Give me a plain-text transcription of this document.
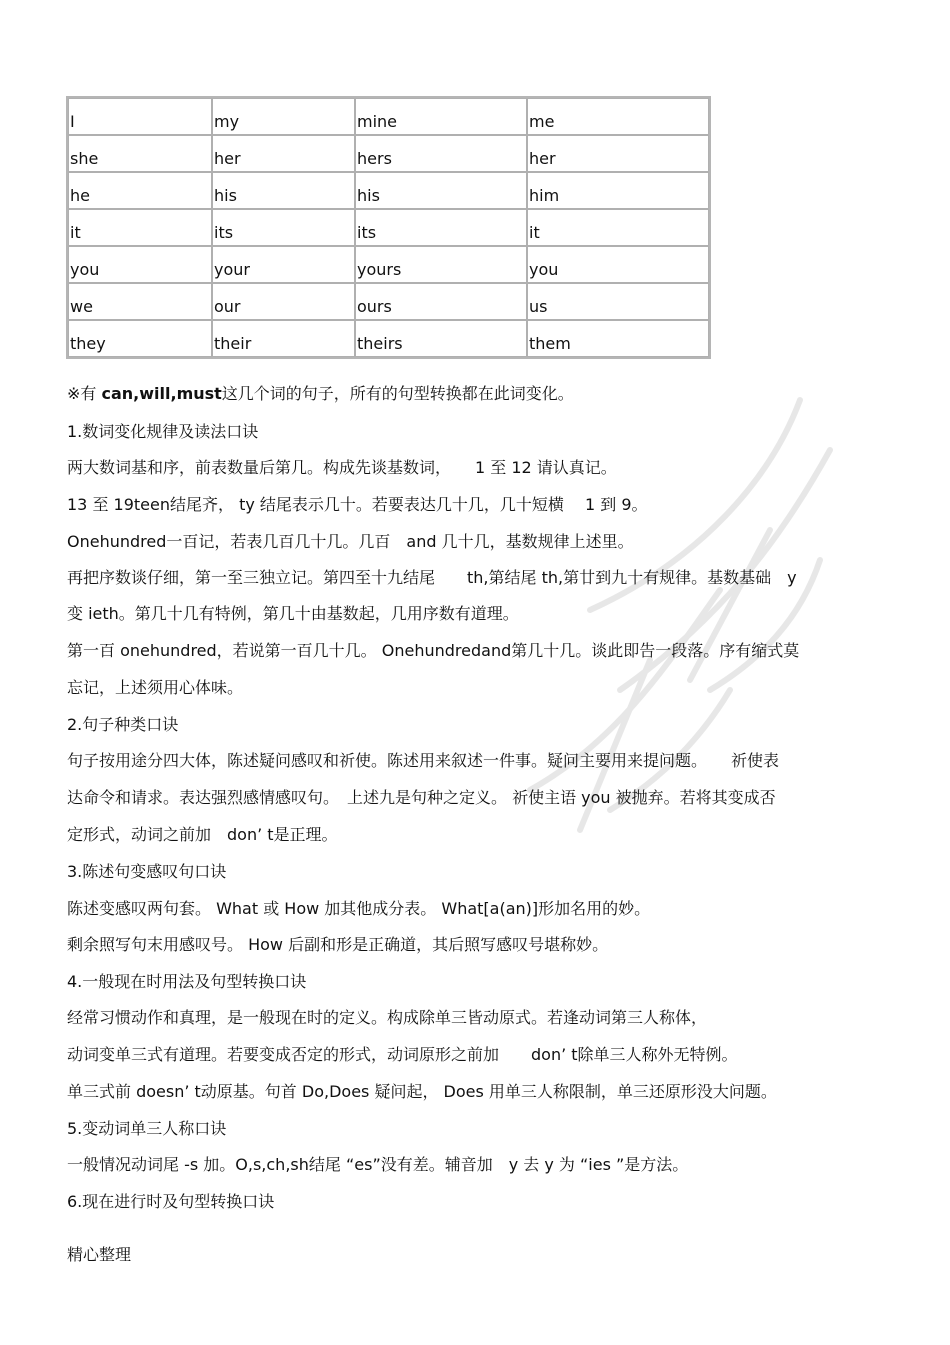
I	my	mine	me
she	her	hers	her
he	his	his	him
it	its	its	it
you	your	yours	you
we	our	ours	us
they	their	theirs	them
※有 can,will,must这几个词的句子，所有的句型转换都在此词变化。
1.数词变化规律及读法口诀
两大数词基和序，前表数量后第几。构成先谈基数词，　　1 至 12 请认真记。
13 至 19teen结尾齐， ty 结尾表示几十。若要表达几十几，几十短横　 1 到 9。
Onehundred一百记，若表几百几十几。几百　and 几十几，基数规律上述里。
再把序数谈仔细，第一至三独立记。第四至十九结尾　　th,第结尾 th,第廿到九十有规律。基数基础　y
变 ieth。第几十几有特例，第几十由基数起，几用序数有道理。
第一百 onehundred，若说第一百几十几。 Onehundredand第几十几。谈此即告一段落。序有缩式莫
忘记，上述须用心体味。
2.句子种类口诀
句子按用途分四大体，陈述疑问感叹和祈使。陈述用来叙述一件事。疑问主要用来提问题。　　祈使表
达命令和请求。表达强烈感情感叹句。　上述九是句种之定义。 祈使主语 you 被抛弃。若将其变成否
定形式，动词之前加　don’ t是正理。
3.陈述句变感叹句口诀
陈述变感叹两句套。 What 或 How 加其他成分表。 What[a(an)]形加名用的妙。
剩余照写句末用感叹号。 How 后副和形是正确道，其后照写感叹号堪称妙。
4.一般现在时用法及句型转换口诀
经常习惯动作和真理，是一般现在时的定义。构成除单三皆动原式。若逢动词第三人称体，
动词变单三式有道理。若要变成否定的形式，动词原形之前加　　don’ t除单三人称外无特例。
单三式前 doesn’ t动原基。句首 Do,Does 疑问起， Does 用单三人称限制，单三还原形没大问题。
5.变动词单三人称口诀
一般情况动词尾 -s 加。O,s,ch,sh结尾 “es”没有差。辅音加　y 去 y 为 “ies ”是方法。
6.现在进行时及句型转换口诀
精心整理
